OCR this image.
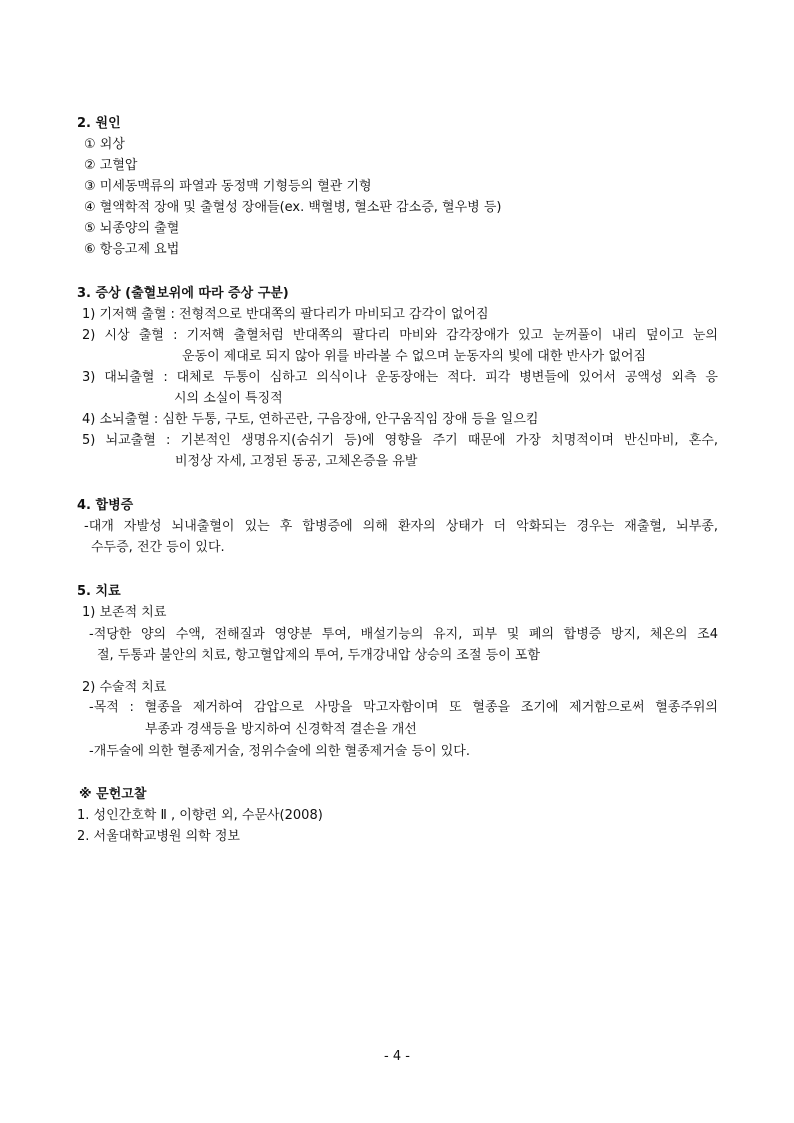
2. 원인
① 외상
② 고혈압
③ 미세동맥류의 파열과 동정맥 기형등의 혈관 기형
④ 혈액학적 장애 및 출혈성 장애들(ex. 백혈병, 혈소판 감소증, 혈우병 등)
⑤ 뇌종양의 출혈
⑥ 항응고제 요법
3. 증상 (출혈보위에 따라 증상 구분)
1) 기저핵 출혈 : 전형적으로 반대쪽의 팔다리가 마비되고 감각이 없어짐
2) 시상 출혈 : 기저핵 출혈처럼 반대쪽의 팔다리 마비와 감각장애가 있고 눈꺼풀이 내리 덮이고 눈의
운동이 제대로 되지 않아 위를 바라볼 수 없으며 눈동자의 빛에 대한 반사가 없어짐
3) 대뇌출혈 : 대체로 두통이 심하고 의식이나 운동장애는 적다. 피각 병변들에 있어서 공액성 외측 응
시의 소실이 특징적
4) 소뇌출혈 : 심한 두통, 구토, 연하곤란, 구음장애, 안구움직임 장애 등을 일으킴
5) 뇌교출혈 : 기본적인 생명유지(숨쉬기 등)에 영향을 주기 때문에 가장 치명적이며 반신마비, 혼수,
비정상 자세, 고정된 동공, 고체온증을 유발
4. 합병증
-대개 자발성 뇌내출혈이 있는 후 합병증에 의해 환자의 상태가 더 악화되는 경우는 재출혈, 뇌부종,
수두증, 전간 등이 있다.
5. 치료
1) 보존적 치료
-적당한 양의 수액, 전해질과 영양분 투여, 배설기능의 유지, 피부 및 폐의 합병증 방지, 체온의 조4
절, 두통과 불안의 치료, 항고혈압제의 투여, 두개강내압 상승의 조절 등이 포함
2) 수술적 치료
-목적 : 혈종을 제거하여 감압으로 사망을 막고자함이며 또 혈종을 조기에 제거함으로써 혈종주위의
부종과 경색등을 방지하여 신경학적 결손을 개선
-개두술에 의한 혈종제거술, 정위수술에 의한 혈종제거술 등이 있다.
※ 문헌고찰
1. 성인간호학 Ⅱ , 이향련 외, 수문사(2008)
2. 서울대학교병원 의학 정보
- 4 -
